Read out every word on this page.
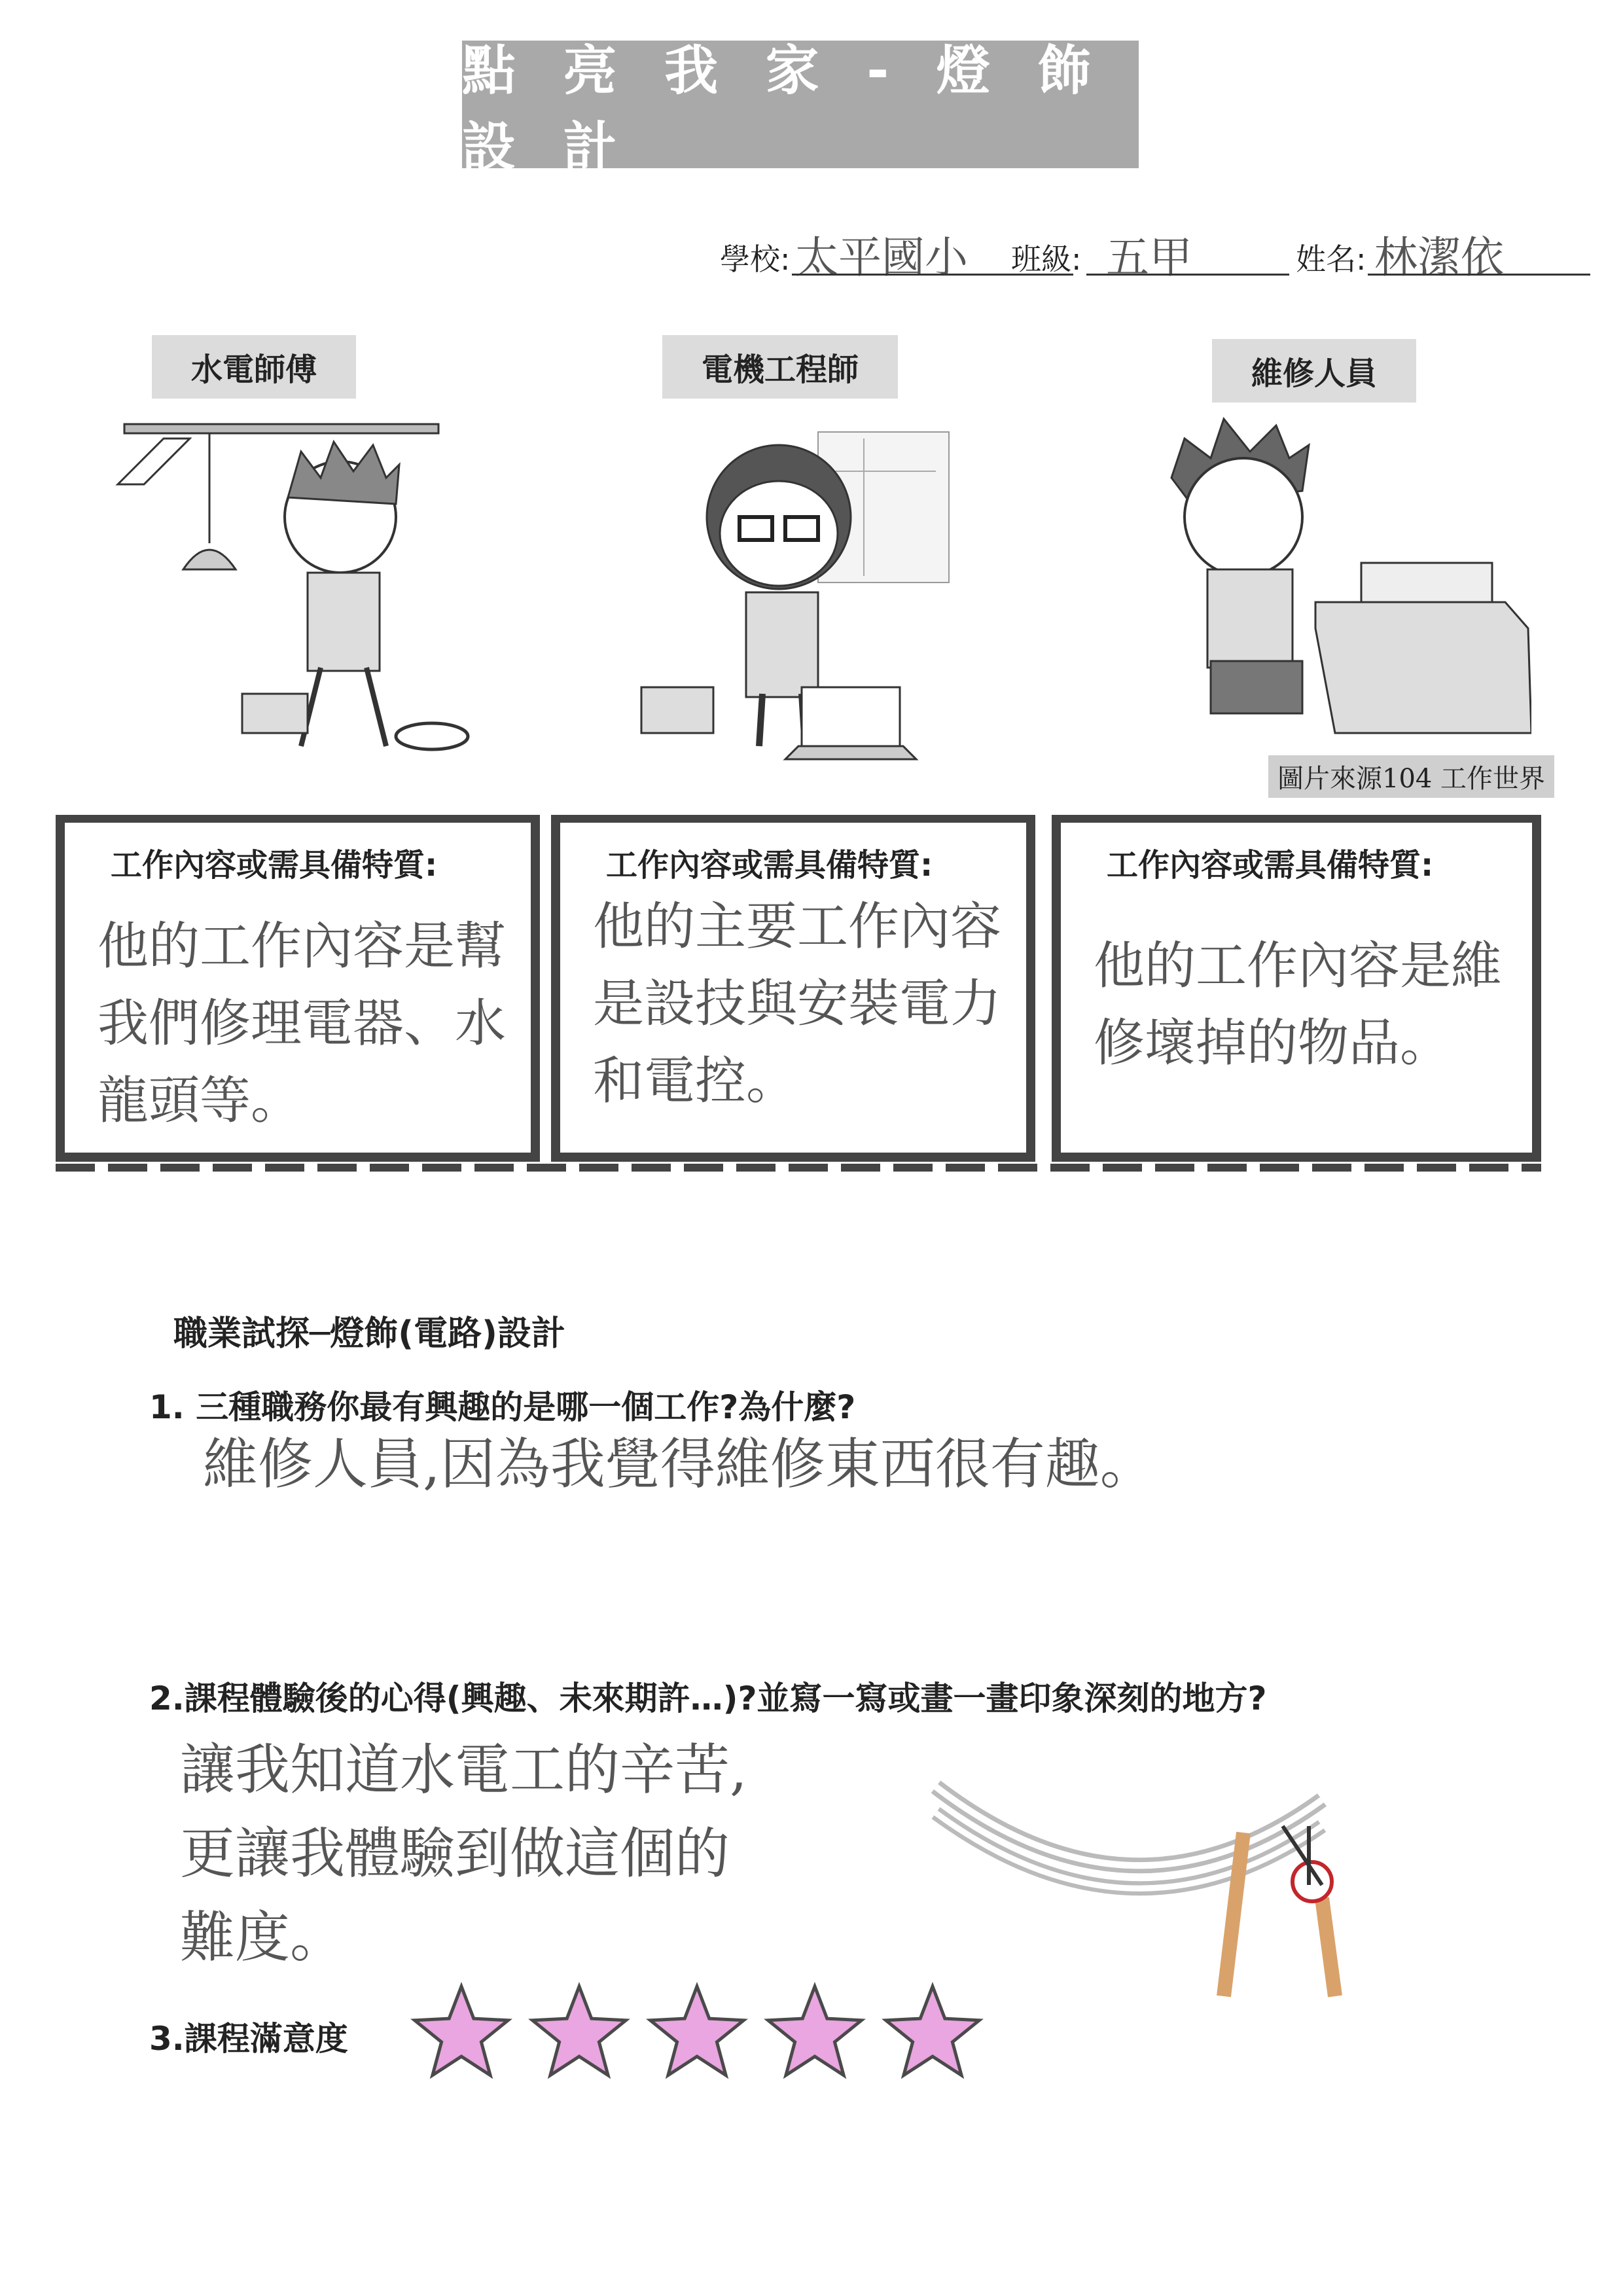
點 亮 我 家 - 燈 飾 設 計
學校: 太平國小 班級: 五甲	姓名: 林潔依
水電師傅	電機工程師	維修人員
圖片來源104 工作世界
工作內容或需具備特質:
他的工作內容是幫我們修理電器、水龍頭等。
工作內容或需具備特質:
他的主要工作內容是設技與安裝電力和電控。
工作內容或需具備特質:
他的工作內容是維修壞掉的物品。
職業試探─燈飾(電路)設計
1. 三種職務你最有興趣的是哪一個工作?為什麼?
維修人員,因為我覺得維修東西很有趣。
2.課程體驗後的心得(興趣、未來期許…)?並寫一寫或畫一畫印象深刻的地方?
讓我知道水電工的辛苦,更讓我體驗到做這個的難度。
3.課程滿意度
